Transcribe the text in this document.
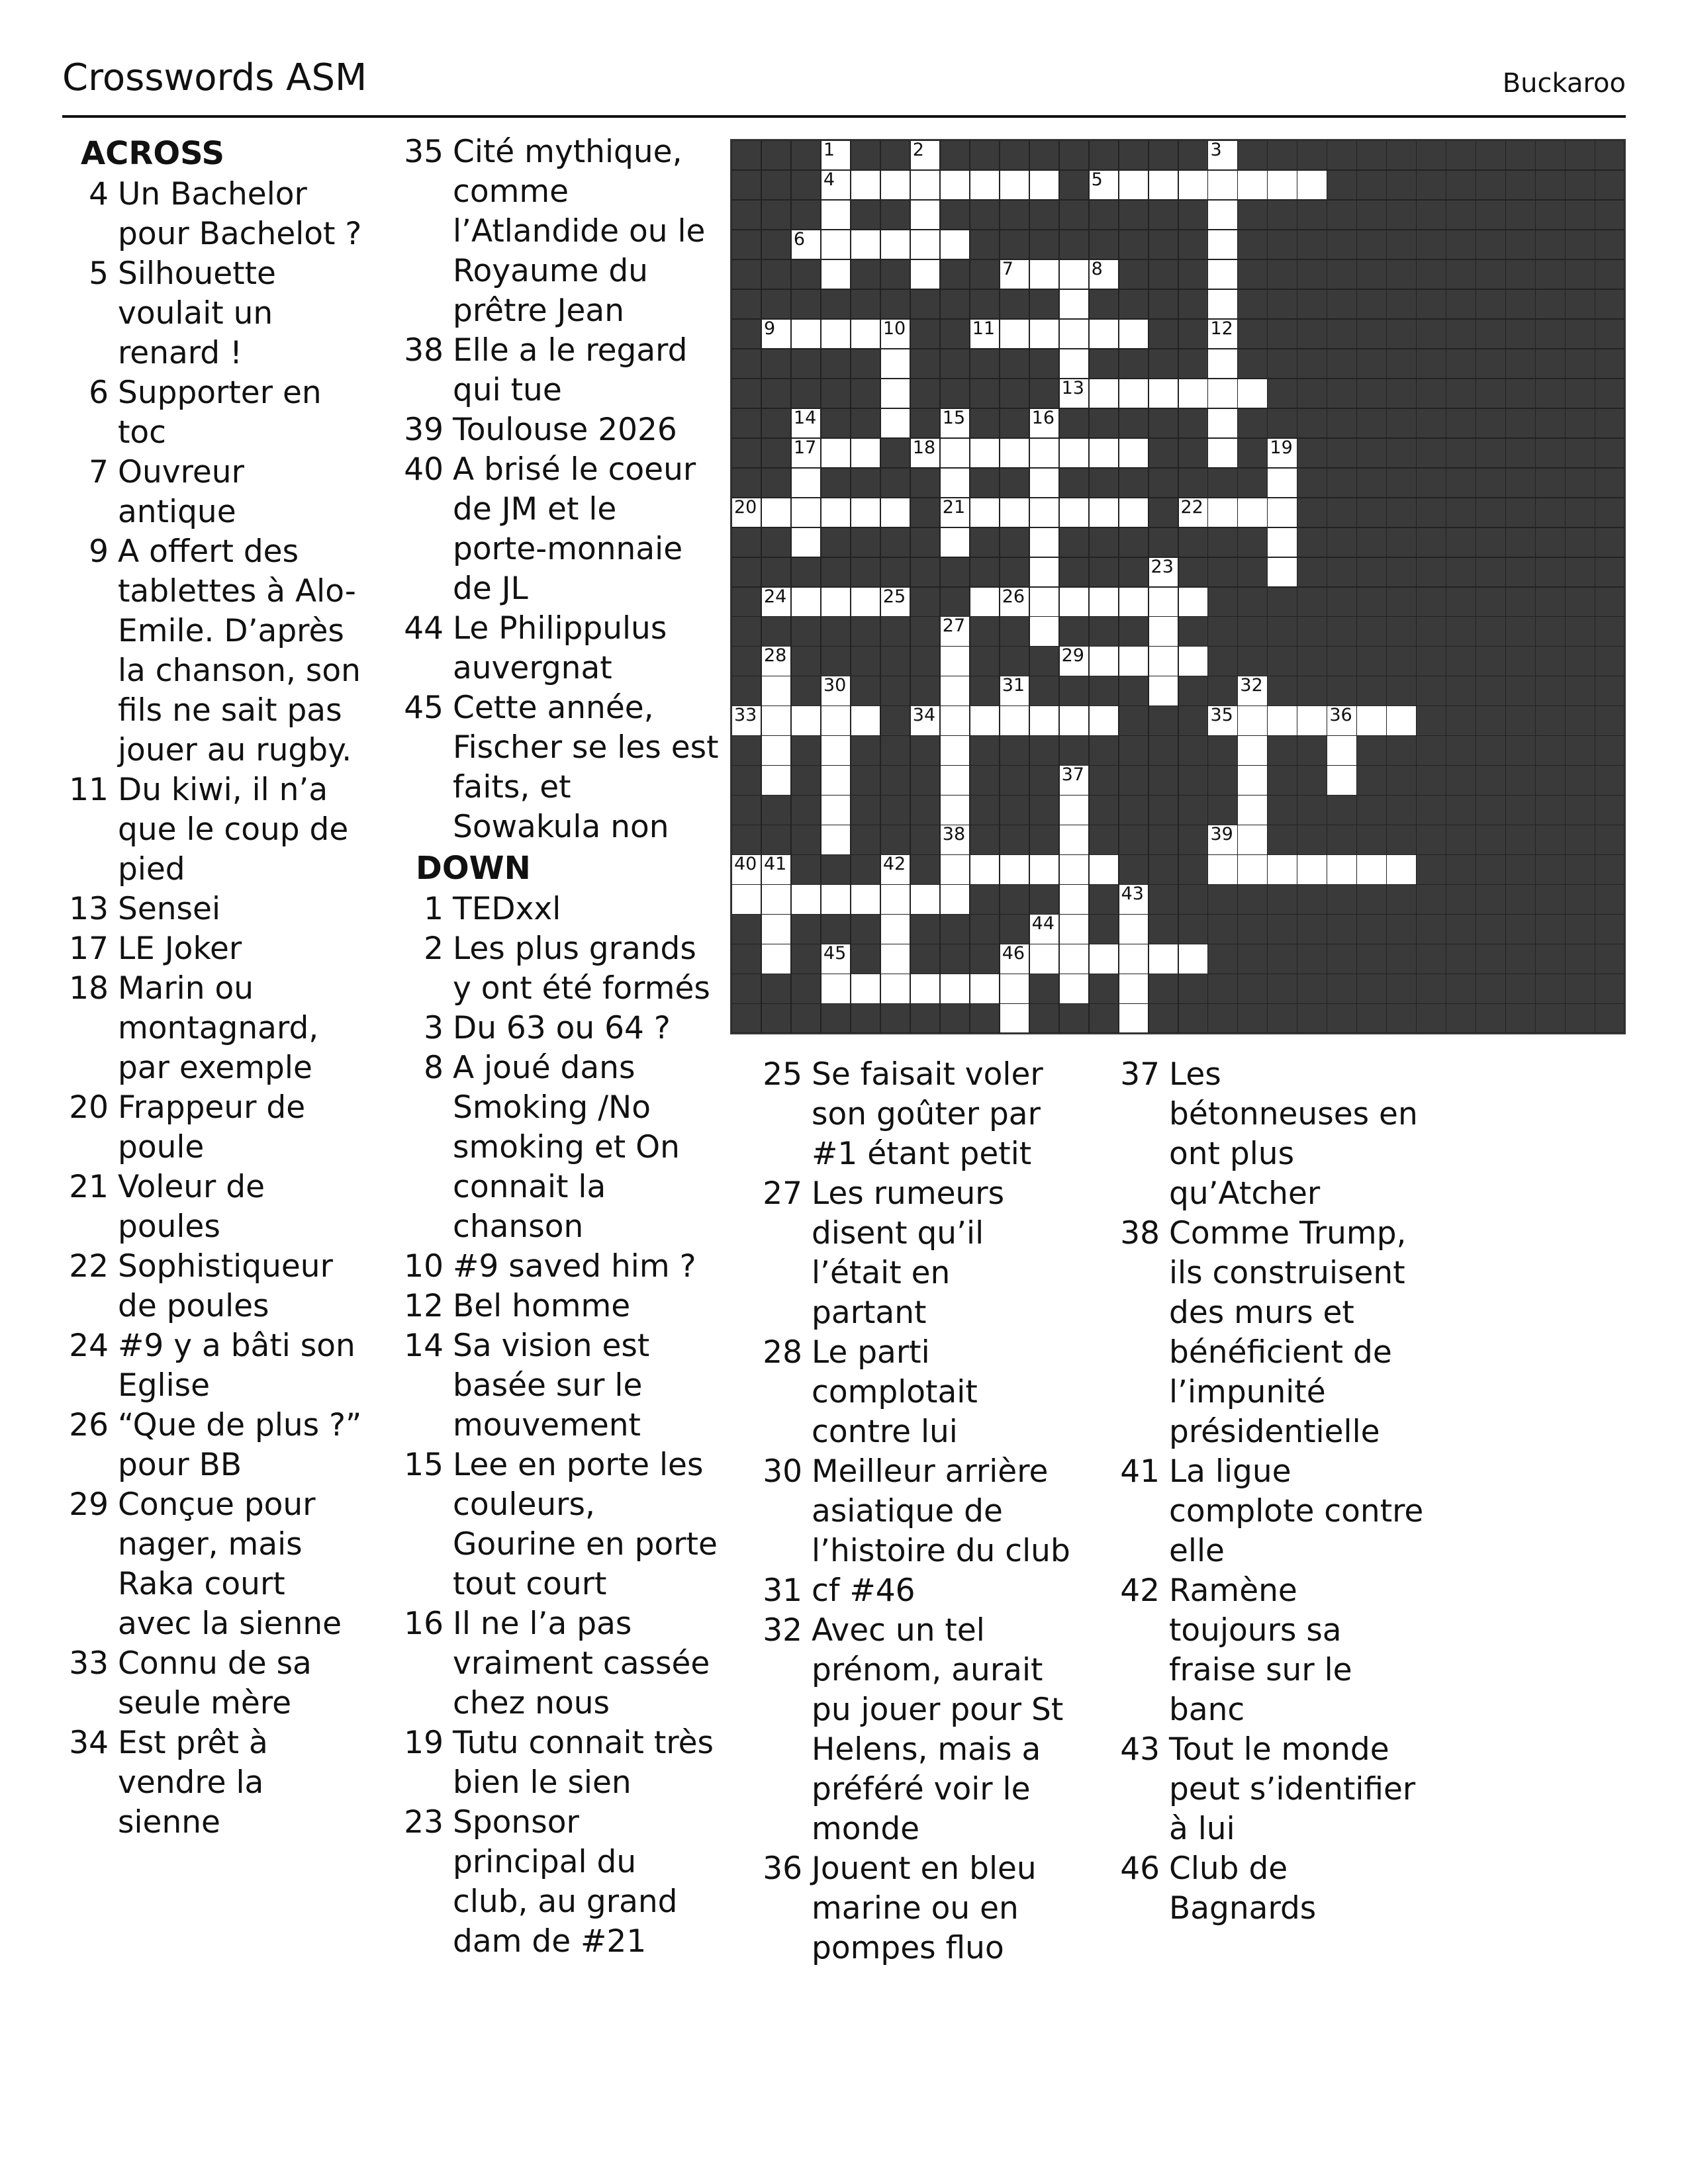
Crosswords ASM	Buckaroo
ACROSS
4 Un Bachelor pour Bachelot ?
5 Silhouette voulait un renard !
6 Supporter en toc
7 Ouvreur antique
9 A offert des tablettes à Alo-Emile. D’après la chanson, son fils ne sait pas jouer au rugby.
11 Du kiwi, il n’a que le coup de pied
13 Sensei
17 LE Joker
18 Marin ou montagnard, par exemple
20 Frappeur de poule
21 Voleur de poules
22 Sophistiqueur de poules
24 #9 y a bâti son Eglise
26 “Que de plus ?” pour BB
29 Conçue pour nager, mais Raka court avec la sienne
33 Connu de sa seule mère
34 Est prêt à vendre la sienne
35 Cité mythique, comme l’Atlandide ou le Royaume du prêtre Jean
38 Elle a le regard qui tue
39 Toulouse 2026
40 A brisé le coeur de JM et le porte-monnaie de JL
44 Le Philippulus auvergnat
45 Cette année, Fischer se les est faits, et Sowakula non
DOWN
1 TEDxxl
2 Les plus grands y ont été formés
3 Du 63 ou 64 ?
8 A joué dans Smoking /No smoking et On connait la chanson
10 #9 saved him ?
12 Bel homme
14 Sa vision est basée sur le mouvement
15 Lee en porte les couleurs, Gourine en porte tout court
16 Il ne l’a pas vraiment cassée chez nous
19 Tutu connait très bien le sien
23 Sponsor principal du club, au grand dam de #21
25 Se faisait voler son goûter par #1 étant petit
27 Les rumeurs disent qu’il l’était en partant
28 Le parti complotait contre lui
30 Meilleur arrière asiatique de l’histoire du club
31 cf #46
32 Avec un tel prénom, aurait pu jouer pour St Helens, mais a préféré voir le monde
36 Jouent en bleu marine ou en pompes fluo
37 Les bétonneuses en ont plus qu’Atcher
38 Comme Trump, ils construisent des murs et bénéficient de l’impunité présidentielle
41 La ligue complote contre elle
42 Ramène toujours sa fraise sur le banc
43 Tout le monde peut s’identifier à lui
46 Club de Bagnards
1	2	3
4	5
6
7	8
9	10	11	12
13
14	15	16
17	18	19
20	21	22
23
24	25	26
27
28	29
30	31	32
33	34	35	36
37
38	39
40 41	42
43
44
45	46
